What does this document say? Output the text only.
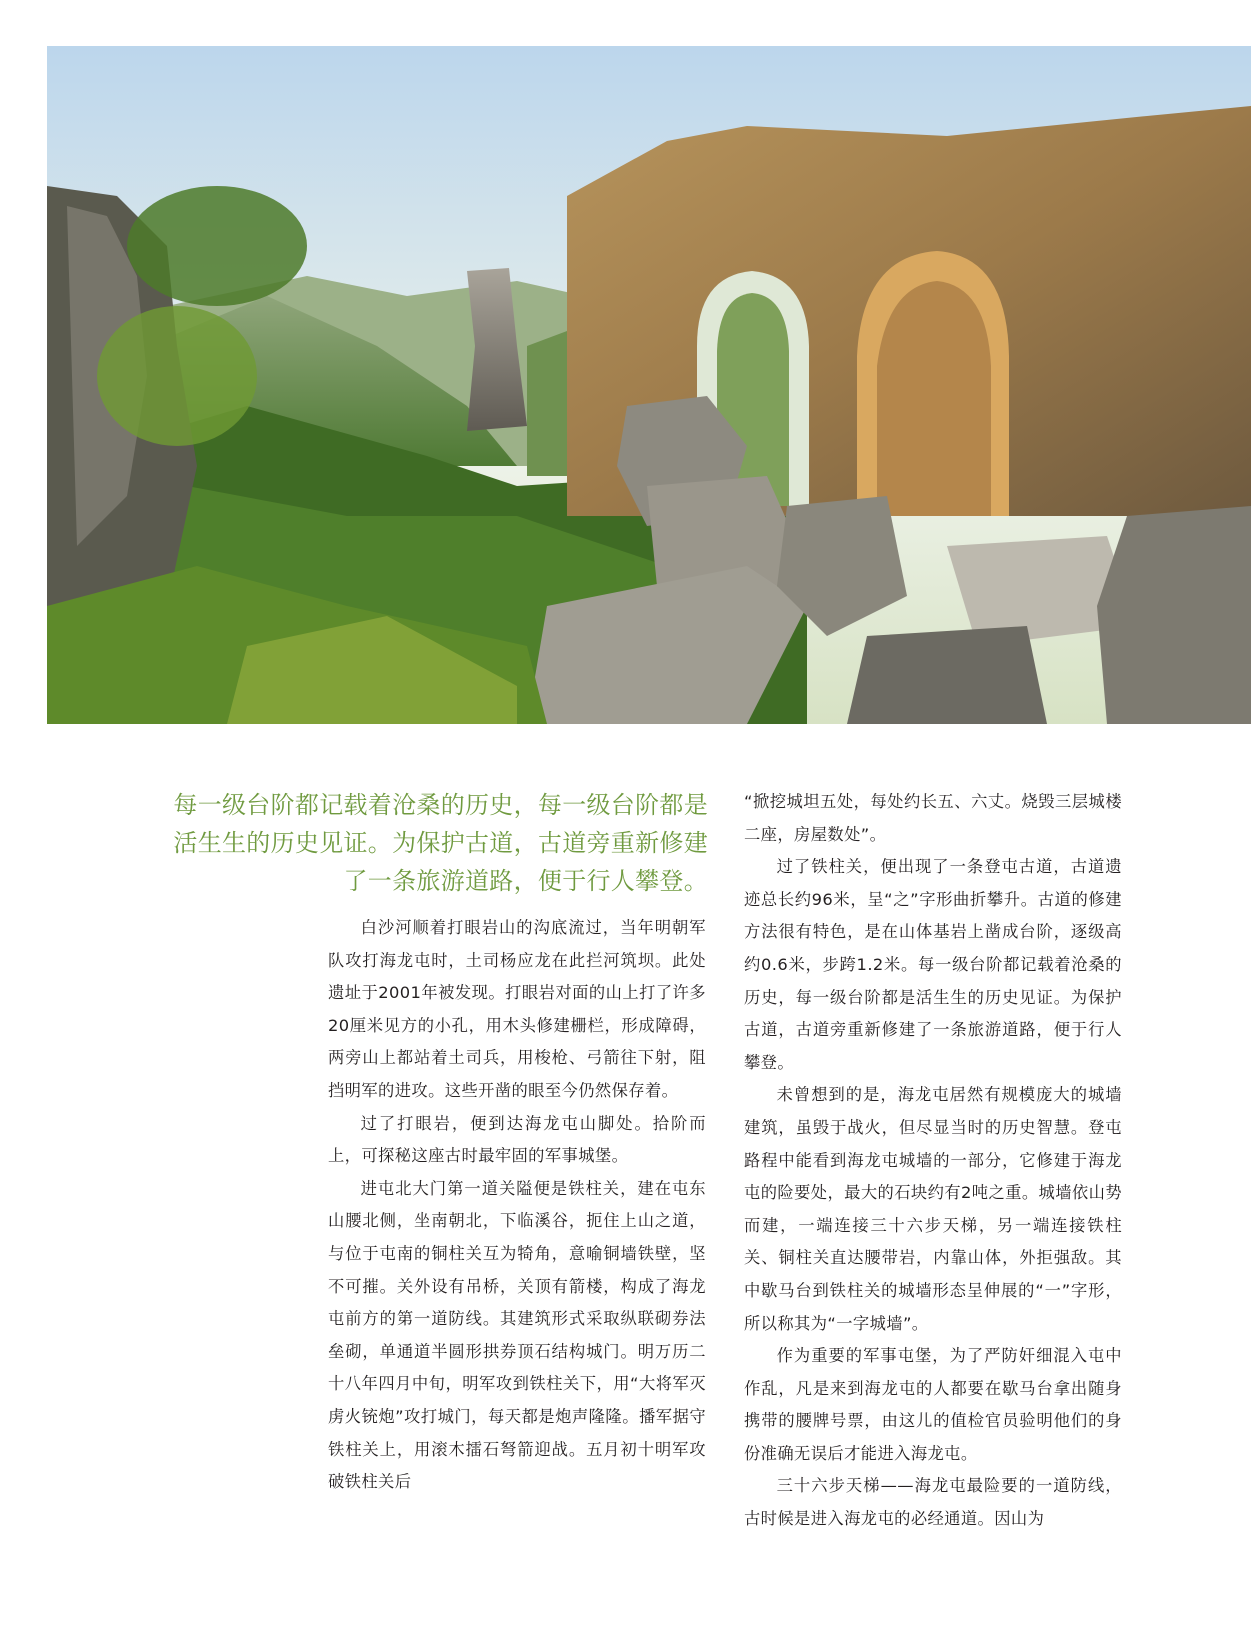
每一级台阶都记载着沧桑的历史，每一级台阶都是活生生的历史见证。为保护古道，古道旁重新修建了一条旅游道路，便于行人攀登。

白沙河顺着打眼岩山的沟底流过，当年明朝军队攻打海龙屯时，土司杨应龙在此拦河筑坝。此处遗址于2001年被发现。打眼岩对面的山上打了许多20厘米见方的小孔，用木头修建栅栏，形成障碍，两旁山上都站着土司兵，用梭枪、弓箭往下射，阻挡明军的进攻。这些开凿的眼至今仍然保存着。

过了打眼岩，便到达海龙屯山脚处。拾阶而上，可探秘这座古时最牢固的军事城堡。

进屯北大门第一道关隘便是铁柱关，建在屯东山腰北侧，坐南朝北，下临溪谷，扼住上山之道，与位于屯南的铜柱关互为犄角，意喻铜墙铁壁，坚不可摧。关外设有吊桥，关顶有箭楼，构成了海龙屯前方的第一道防线。其建筑形式采取纵联砌券法垒砌，单通道半圆形拱券顶石结构城门。明万历二十八年四月中旬，明军攻到铁柱关下，用“大将军灭虏火铳炮”攻打城门，每天都是炮声隆隆。播军据守铁柱关上，用滚木擂石弩箭迎战。五月初十明军攻破铁柱关后

“掀挖城坦五处，每处约长五、六丈。烧毁三层城楼二座，房屋数处”。

过了铁柱关，便出现了一条登屯古道，古道遗迹总长约96米，呈“之”字形曲折攀升。古道的修建方法很有特色，是在山体基岩上凿成台阶，逐级高约0.6米，步跨1.2米。每一级台阶都记载着沧桑的历史，每一级台阶都是活生生的历史见证。为保护古道，古道旁重新修建了一条旅游道路，便于行人攀登。

未曾想到的是，海龙屯居然有规模庞大的城墙建筑，虽毁于战火，但尽显当时的历史智慧。登屯路程中能看到海龙屯城墙的一部分，它修建于海龙屯的险要处，最大的石块约有2吨之重。城墙依山势而建，一端连接三十六步天梯，另一端连接铁柱关、铜柱关直达腰带岩，内靠山体，外拒强敌。其中歇马台到铁柱关的城墙形态呈伸展的“一”字形，所以称其为“一字城墙”。

作为重要的军事屯堡，为了严防奸细混入屯中作乱，凡是来到海龙屯的人都要在歇马台拿出随身携带的腰牌号票，由这儿的值检官员验明他们的身份准确无误后才能进入海龙屯。

三十六步天梯——海龙屯最险要的一道防线，古时候是进入海龙屯的必经通道。因山为
